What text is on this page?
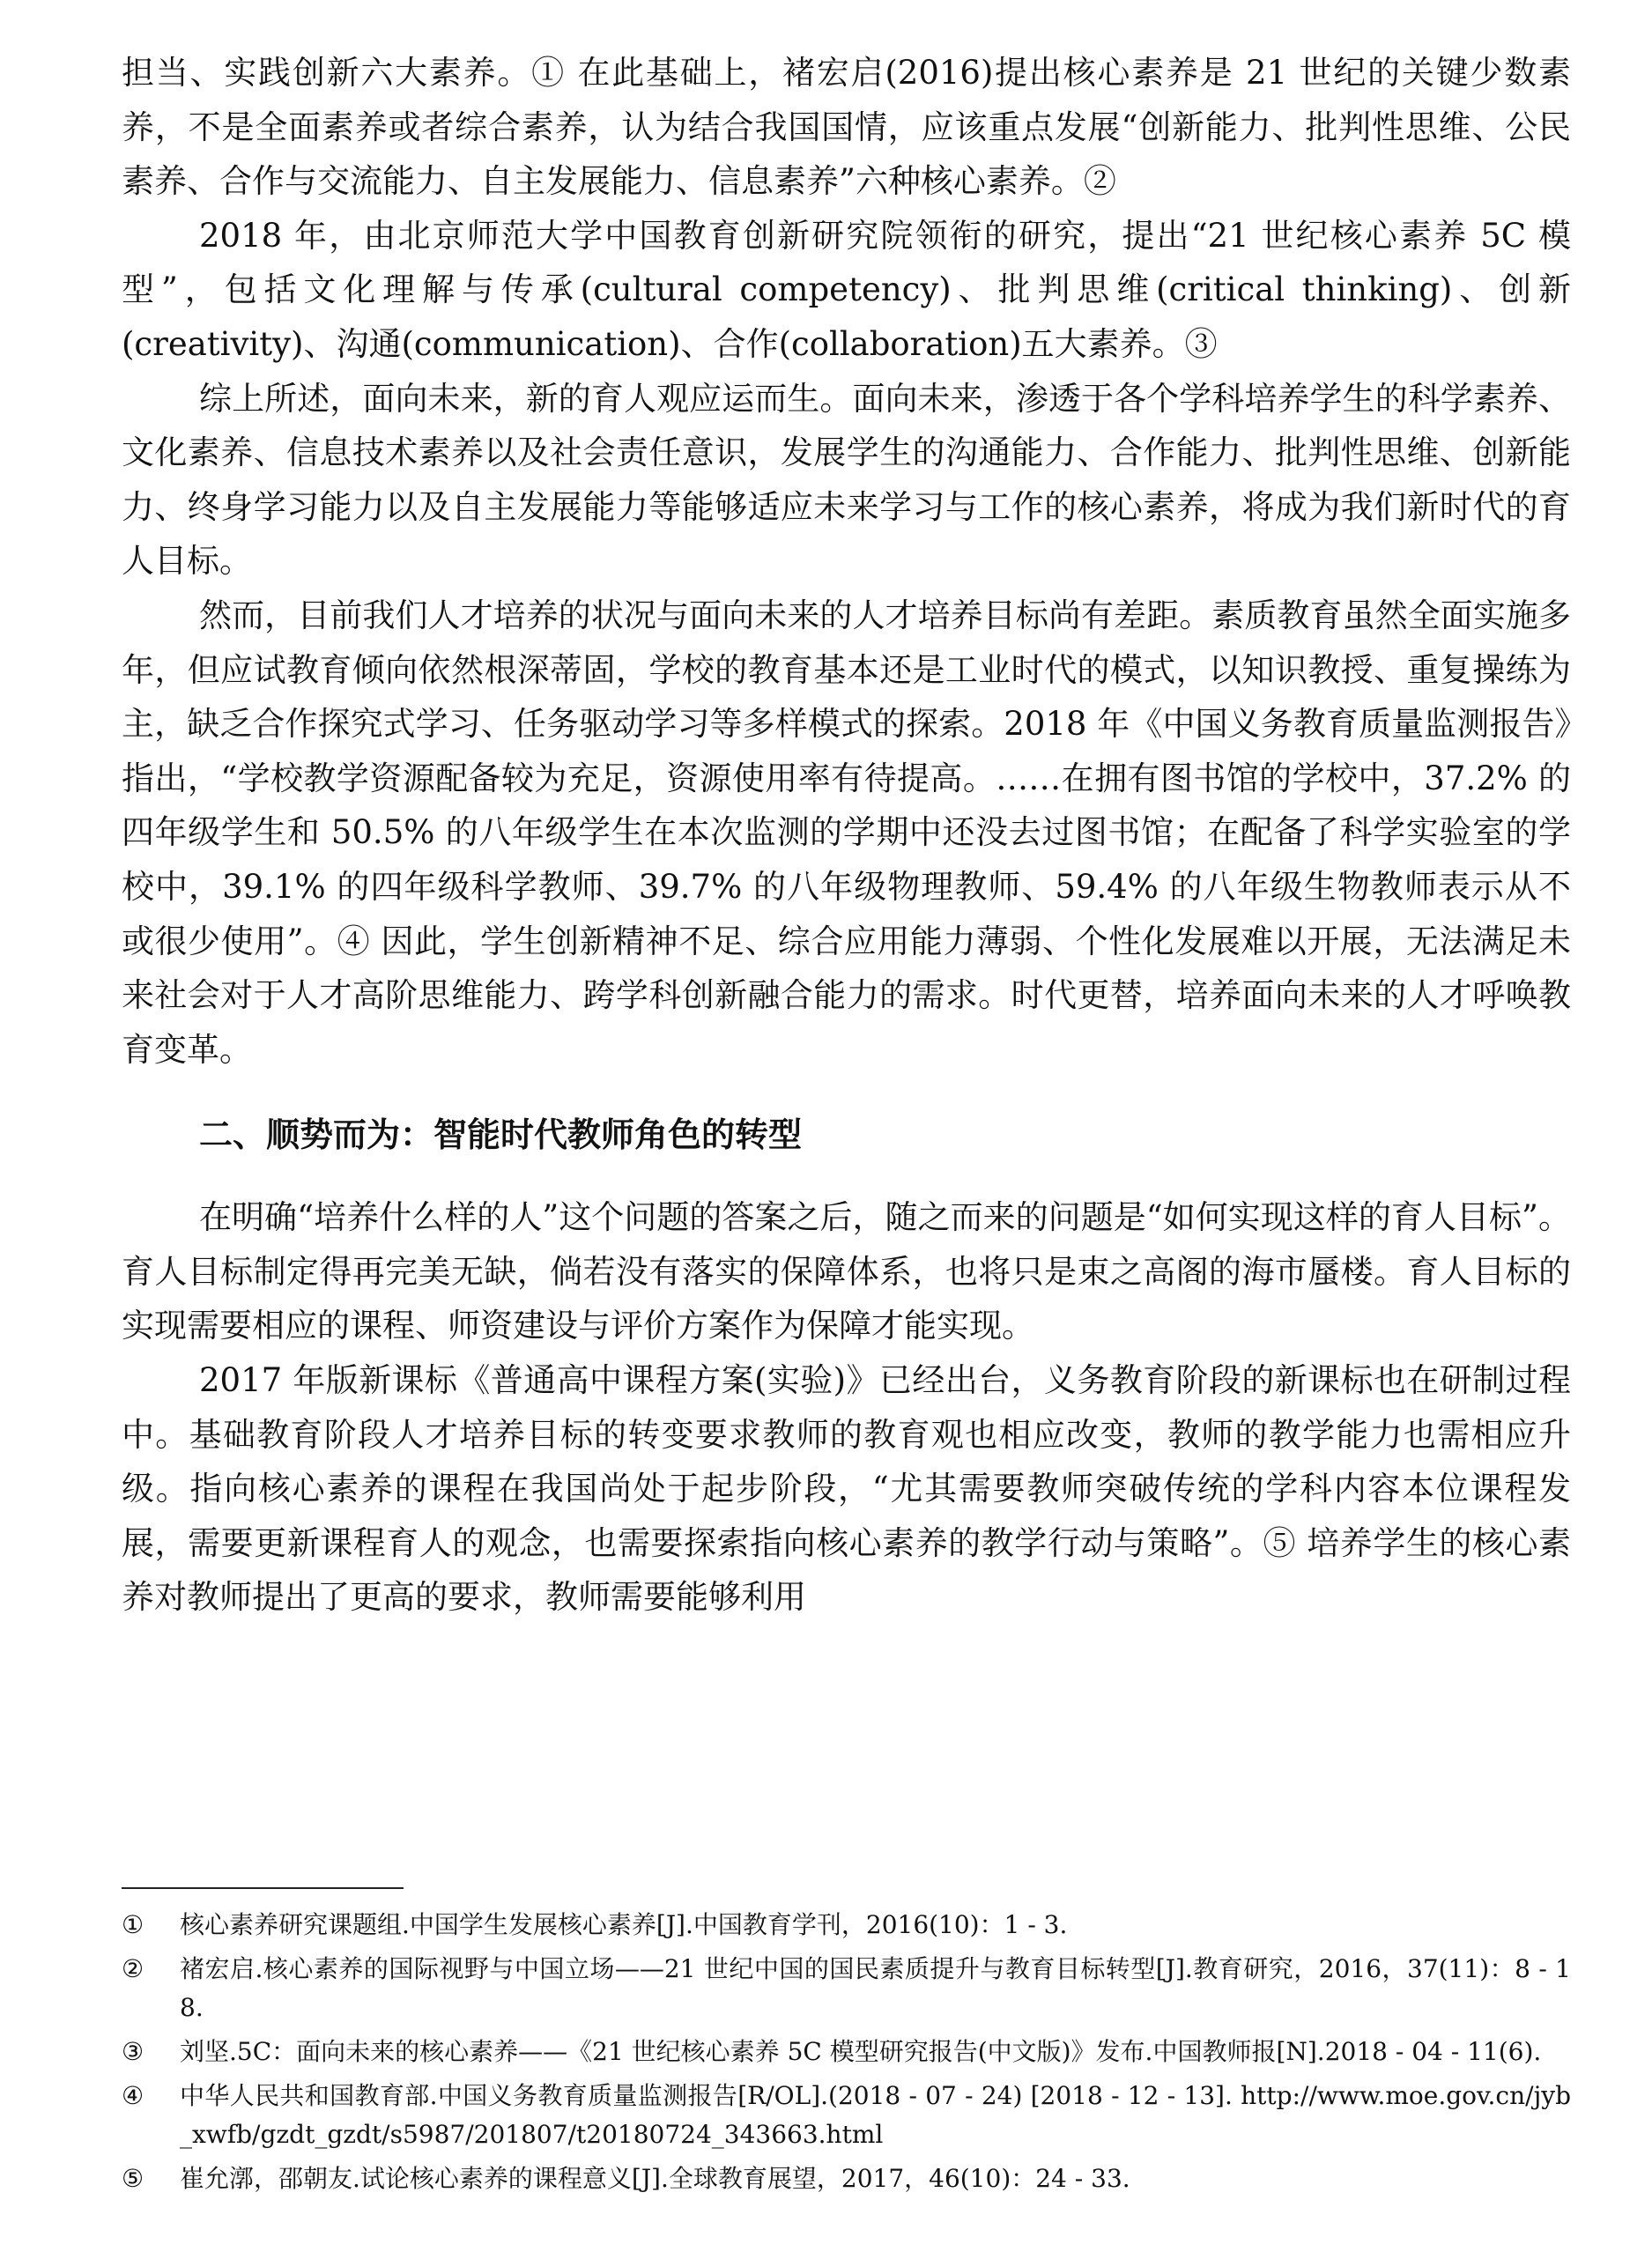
担当、实践创新六大素养。① 在此基础上，褚宏启(2016)提出核心素养是 21 世纪的关键少数素养，不是全面素养或者综合素养，认为结合我国国情，应该重点发展“创新能力、批判性思维、公民素养、合作与交流能力、自主发展能力、信息素养”六种核心素养。②

2018 年，由北京师范大学中国教育创新研究院领衔的研究，提出“21 世纪核心素养 5C 模型”，包括文化理解与传承(cultural competency)、批判思维(critical thinking)、创新(creativity)、沟通(communication)、合作(collaboration)五大素养。③

综上所述，面向未来，新的育人观应运而生。面向未来，渗透于各个学科培养学生的科学素养、文化素养、信息技术素养以及社会责任意识，发展学生的沟通能力、合作能力、批判性思维、创新能力、终身学习能力以及自主发展能力等能够适应未来学习与工作的核心素养，将成为我们新时代的育人目标。

然而，目前我们人才培养的状况与面向未来的人才培养目标尚有差距。素质教育虽然全面实施多年，但应试教育倾向依然根深蒂固，学校的教育基本还是工业时代的模式，以知识教授、重复操练为主，缺乏合作探究式学习、任务驱动学习等多样模式的探索。2018 年《中国义务教育质量监测报告》指出，“学校教学资源配备较为充足，资源使用率有待提高。……在拥有图书馆的学校中，37.2% 的四年级学生和 50.5% 的八年级学生在本次监测的学期中还没去过图书馆；在配备了科学实验室的学校中，39.1% 的四年级科学教师、39.7% 的八年级物理教师、59.4% 的八年级生物教师表示从不或很少使用”。④ 因此，学生创新精神不足、综合应用能力薄弱、个性化发展难以开展，无法满足未来社会对于人才高阶思维能力、跨学科创新融合能力的需求。时代更替，培养面向未来的人才呼唤教育变革。

二、顺势而为：智能时代教师角色的转型

在明确“培养什么样的人”这个问题的答案之后，随之而来的问题是“如何实现这样的育人目标”。育人目标制定得再完美无缺，倘若没有落实的保障体系，也将只是束之高阁的海市蜃楼。育人目标的实现需要相应的课程、师资建设与评价方案作为保障才能实现。

2017 年版新课标《普通高中课程方案(实验)》已经出台，义务教育阶段的新课标也在研制过程中。基础教育阶段人才培养目标的转变要求教师的教育观也相应改变，教师的教学能力也需相应升级。指向核心素养的课程在我国尚处于起步阶段，“尤其需要教师突破传统的学科内容本位课程发展，需要更新课程育人的观念，也需要探索指向核心素养的教学行动与策略”。⑤ 培养学生的核心素养对教师提出了更高的要求，教师需要能够利用

① 核心素养研究课题组.中国学生发展核心素养[J].中国教育学刊，2016(10)：1 - 3.
② 褚宏启.核心素养的国际视野与中国立场——21 世纪中国的国民素质提升与教育目标转型[J].教育研究，2016，37(11)：8 - 18.
③ 刘坚.5C：面向未来的核心素养——《21 世纪核心素养 5C 模型研究报告(中文版)》发布.中国教师报[N].2018 - 04 - 11(6).
④ 中华人民共和国教育部.中国义务教育质量监测报告[R/OL].(2018 - 07 - 24) [2018 - 12 - 13]. http://www.moe.gov.cn/jyb_xwfb/gzdt_gzdt/s5987/201807/t20180724_343663.html
⑤ 崔允漷，邵朝友.试论核心素养的课程意义[J].全球教育展望，2017，46(10)：24 - 33.
